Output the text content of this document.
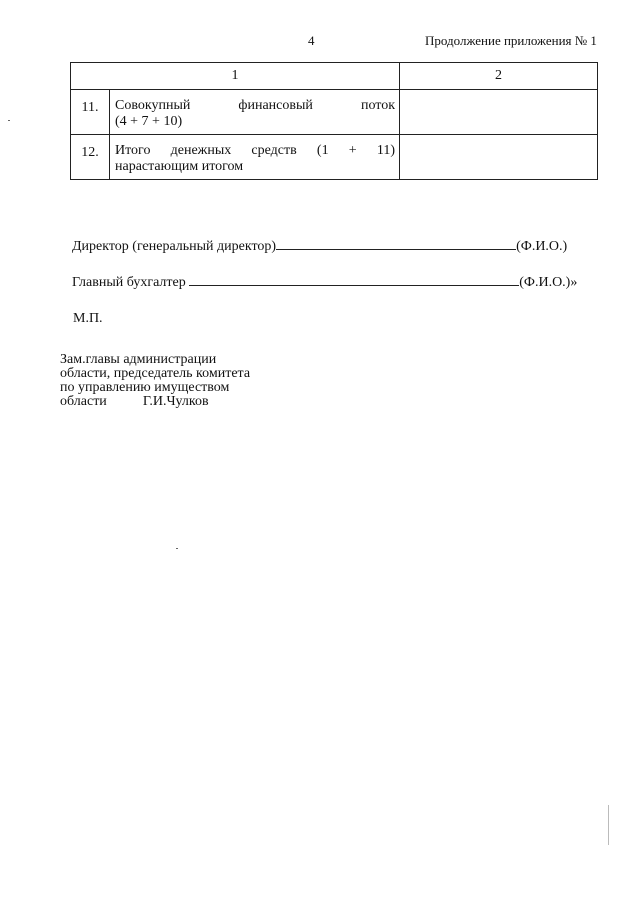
4	Продолжение приложения № 1
1		2
11.	Совокупный финансовый поток
(4 + 7 + 10)	
12.	Итого денежных средств (1 + 11)
нарастающим итогом	
Директор (генеральный директор)	(Ф.И.О.)
Главный бухгалтер	(Ф.И.О.)»
М.П.
Зам.главы администрации
области, председатель комитета
по управлению имуществом
области	Г.И.Чулков
